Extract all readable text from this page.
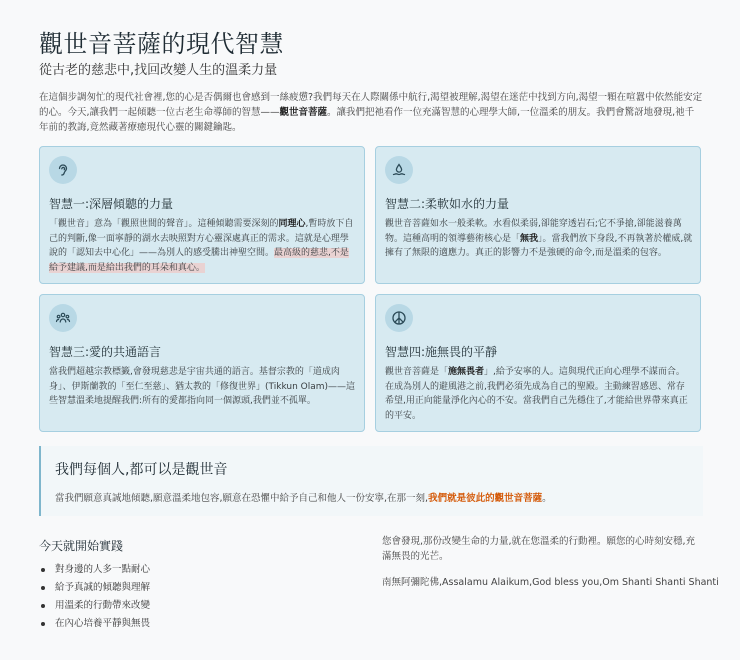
觀世音菩薩的現代智慧
從古老的慈悲中,找回改變人生的溫柔力量

在這個步調匆忙的現代社會裡,您的心是否偶爾也會感到一絲疲憊?我們每天在人際關係中航行,渴望被理解,渴望在迷茫中找到方向,渴望一顆在喧囂中依然能安定的心。今天,讓我們一起傾聽一位古老生命導師的智慧——觀世音菩薩。讓我們把祂看作一位充滿智慧的心理學大師,一位溫柔的朋友。我們會驚訝地發現,祂千年前的教誨,竟然藏著療癒現代心靈的關鍵鑰匙。

智慧一:深層傾聽的力量

「觀世音」意為「觀照世間的聲音」。這種傾聽需要深刻的同理心,暫時放下自己的判斷,像一面寧靜的湖水去映照對方心靈深處真正的需求。這就是心理學說的「認知去中心化」——為別人的感受騰出神聖空間。最高級的慈悲,不是給予建議,而是給出我們的耳朵和真心。

智慧二:柔軟如水的力量

觀世音菩薩如水一般柔軟。水看似柔弱,卻能穿透岩石;它不爭搶,卻能滋養萬物。這種高明的領導藝術核心是「無我」。當我們放下身段,不再執著於權威,就擁有了無限的適應力。真正的影響力不是強硬的命令,而是溫柔的包容。

智慧三:愛的共通語言

當我們超越宗教標籤,會發現慈悲是宇宙共通的語言。基督宗教的「道成肉身」、伊斯蘭教的「至仁至慈」、猶太教的「修復世界」(Tikkun Olam)——這些智慧溫柔地提醒我們:所有的愛都指向同一個源頭,我們並不孤單。

智慧四:施無畏的平靜

觀世音菩薩是「施無畏者」,給予安寧的人。這與現代正向心理學不謀而合。在成為別人的避風港之前,我們必須先成為自己的聖殿。主動練習感恩、常存希望,用正向能量淨化內心的不安。當我們自己先穩住了,才能給世界帶來真正的平安。

我們每個人,都可以是觀世音

當我們願意真誠地傾聽,願意溫柔地包容,願意在恐懼中給予自己和他人一份安寧,在那一刻,我們就是彼此的觀世音菩薩。

今天就開始實踐
對身邊的人多一點耐心
給予真誠的傾聽與理解
用溫柔的行動帶來改變
在內心培養平靜與無畏

您會發現,那份改變生命的力量,就在您溫柔的行動裡。願您的心時刻安穩,充滿無畏的光芒。

南無阿彌陀佛,Assalamu Alaikum,God bless you,Om Shanti Shanti Shanti
